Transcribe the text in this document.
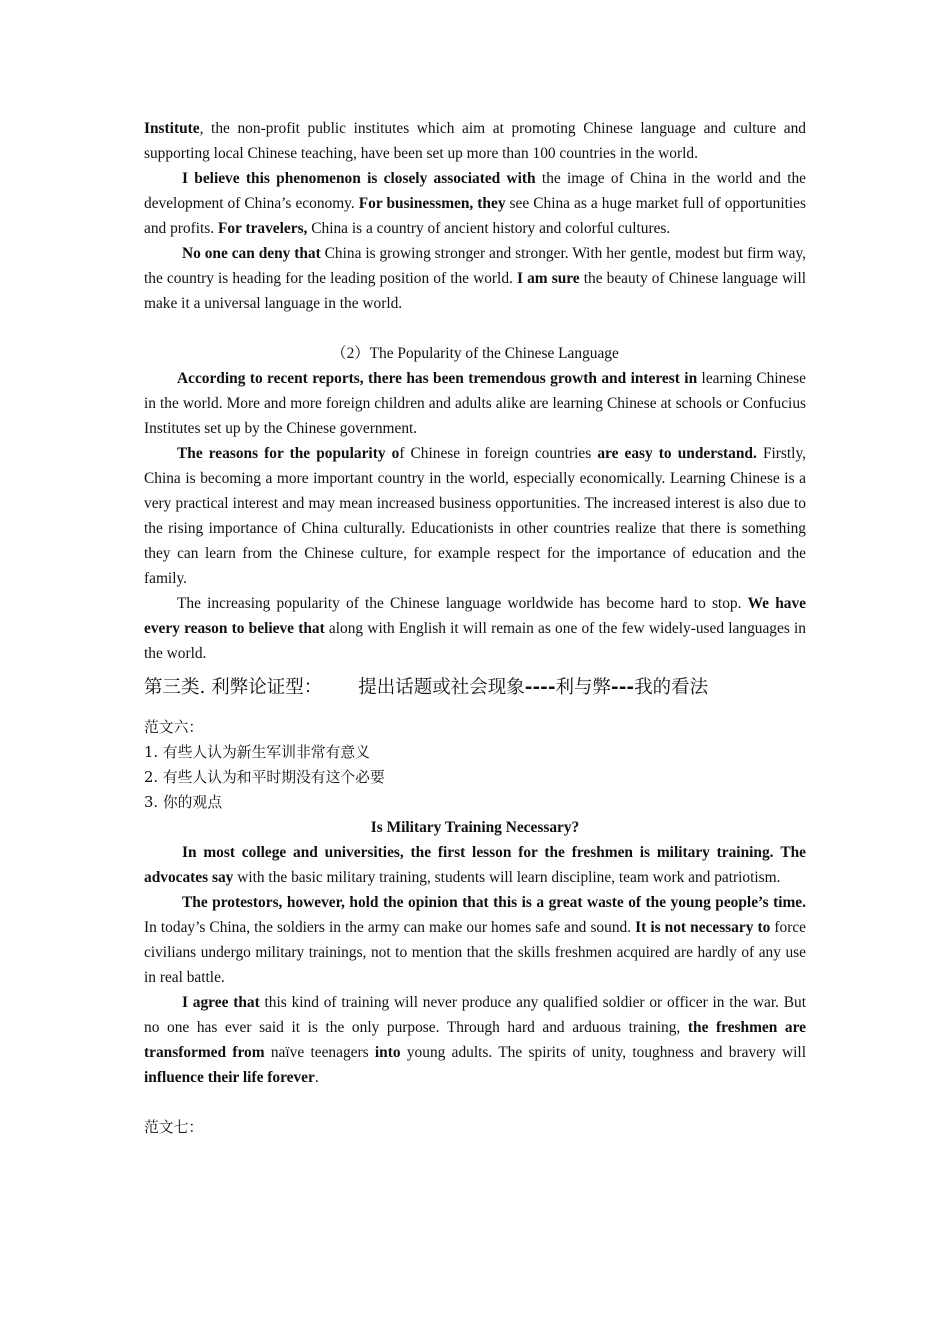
Institute, the non-profit public institutes which aim at promoting Chinese language and culture and supporting local Chinese teaching, have been set up more than 100 countries in the world.

I believe this phenomenon is closely associated with the image of China in the world and the development of China’s economy. For businessmen, they see China as a huge market full of opportunities and profits. For travelers, China is a country of ancient history and colorful cultures.

No one can deny that China is growing stronger and stronger. With her gentle, modest but firm way, the country is heading for the leading position of the world. I am sure the beauty of Chinese language will make it a universal language in the world.

（2）The Popularity of the Chinese Language

According to recent reports, there has been tremendous growth and interest in learning Chinese in the world. More and more foreign children and adults alike are learning Chinese at schools or Confucius Institutes set up by the Chinese government.

The reasons for the popularity of Chinese in foreign countries are easy to understand. Firstly, China is becoming a more important country in the world, especially economically. Learning Chinese is a very practical interest and may mean increased business opportunities. The increased interest is also due to the rising importance of China culturally. Educationists in other countries realize that there is something they can learn from the Chinese culture, for example respect for the importance of education and the family.

The increasing popularity of the Chinese language worldwide has become hard to stop. We have every reason to believe that along with English it will remain as one of the few widely-used languages in the world.

第三类. 利弊论证型： 提出话题或社会现象----利与弊---我的看法

范文六：

1. 有些人认为新生军训非常有意义

2. 有些人认为和平时期没有这个必要

3. 你的观点

Is Military Training Necessary?

In most college and universities, the first lesson for the freshmen is military training. The advocates say with the basic military training, students will learn discipline, team work and patriotism.

The protestors, however, hold the opinion that this is a great waste of the young people’s time. In today’s China, the soldiers in the army can make our homes safe and sound. It is not necessary to force civilians undergo military trainings, not to mention that the skills freshmen acquired are hardly of any use in real battle.

I agree that this kind of training will never produce any qualified soldier or officer in the war. But no one has ever said it is the only purpose. Through hard and arduous training, the freshmen are transformed from naïve teenagers into young adults. The spirits of unity, toughness and bravery will influence their life forever.

范文七：
